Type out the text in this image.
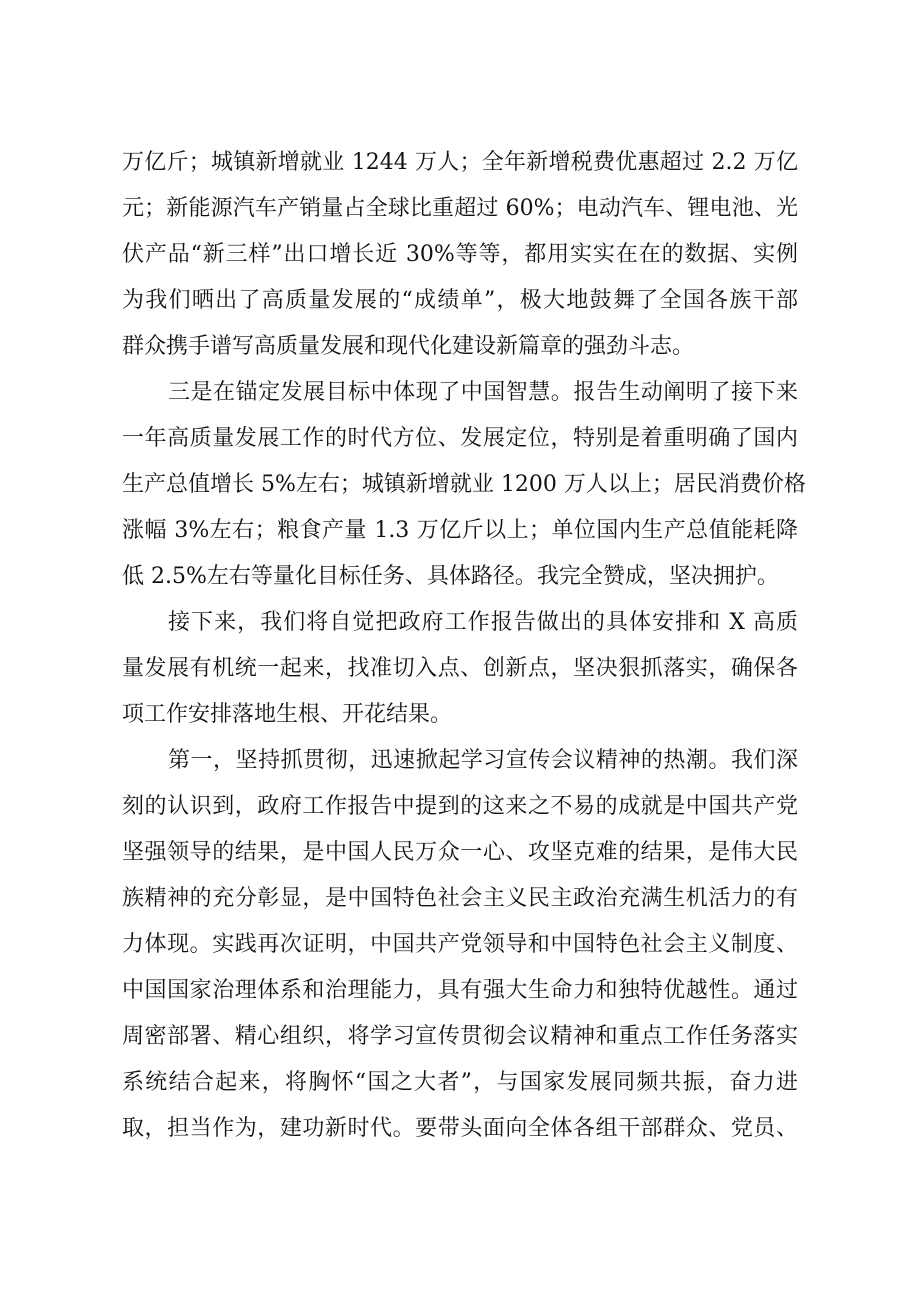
万亿斤；城镇新增就业 1244 万人；全年新增税费优惠超过 2.2 万亿
元；新能源汽车产销量占全球比重超过 60%；电动汽车、锂电池、光
伏产品“新三样”出口增长近 30%等等，都用实实在在的数据、实例
为我们晒出了高质量发展的“成绩单”，极大地鼓舞了全国各族干部
群众携手谱写高质量发展和现代化建设新篇章的强劲斗志。

三是在锚定发展目标中体现了中国智慧。报告生动阐明了接下来
一年高质量发展工作的时代方位、发展定位，特别是着重明确了国内
生产总值增长 5%左右；城镇新增就业 1200 万人以上；居民消费价格
涨幅 3%左右；粮食产量 1.3 万亿斤以上；单位国内生产总值能耗降
低 2.5%左右等量化目标任务、具体路径。我完全赞成，坚决拥护。

接下来，我们将自觉把政府工作报告做出的具体安排和 X 高质
量发展有机统一起来，找准切入点、创新点，坚决狠抓落实，确保各
项工作安排落地生根、开花结果。

第一，坚持抓贯彻，迅速掀起学习宣传会议精神的热潮。我们深
刻的认识到，政府工作报告中提到的这来之不易的成就是中国共产党
坚强领导的结果，是中国人民万众一心、攻坚克难的结果，是伟大民
族精神的充分彰显，是中国特色社会主义民主政治充满生机活力的有
力体现。实践再次证明，中国共产党领导和中国特色社会主义制度、
中国国家治理体系和治理能力，具有强大生命力和独特优越性。通过
周密部署、精心组织，将学习宣传贯彻会议精神和重点工作任务落实
系统结合起来，将胸怀“国之大者”，与国家发展同频共振，奋力进
取，担当作为，建功新时代。要带头面向全体各组干部群众、党员、
